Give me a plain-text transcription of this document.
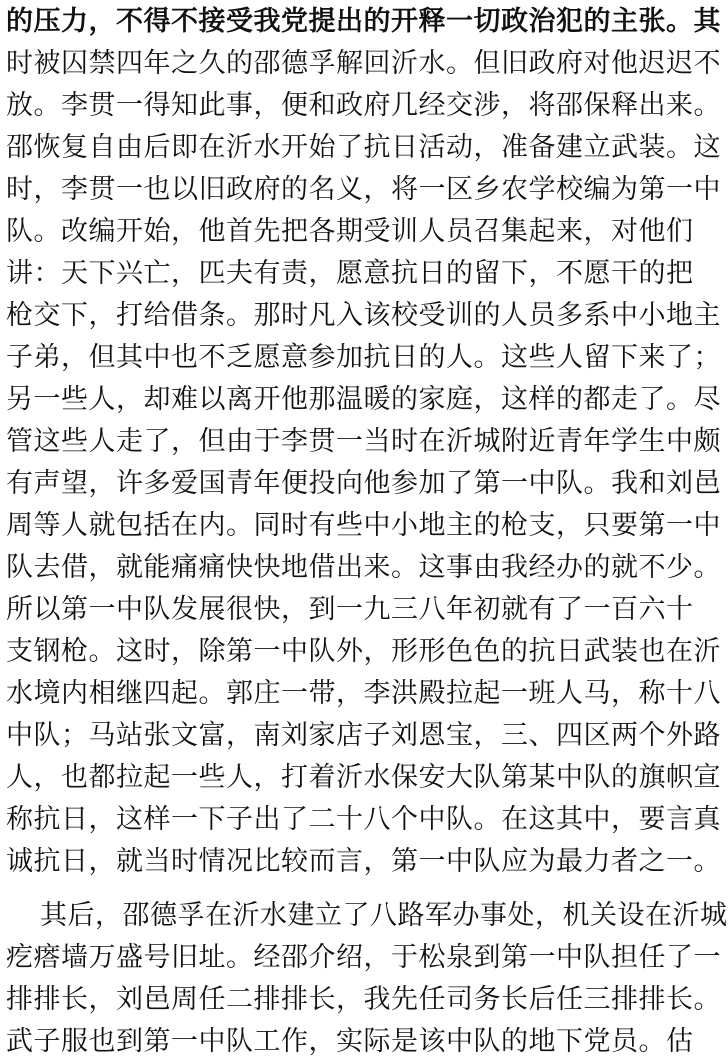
的压力，不得不接受我党提出的开释一切政治犯的主张。其
时被囚禁四年之久的邵德孚解回沂水。但旧政府对他迟迟不
放。李贯一得知此事，便和政府几经交涉，将邵保释出来。
邵恢复自由后即在沂水开始了抗日活动，准备建立武装。这
时，李贯一也以旧政府的名义，将一区乡农学校编为第一中
队。改编开始，他首先把各期受训人员召集起来，对他们
讲：天下兴亡，匹夫有责，愿意抗日的留下，不愿干的把
枪交下，打给借条。那时凡入该校受训的人员多系中小地主
子弟，但其中也不乏愿意参加抗日的人。这些人留下来了；
另一些人，却难以离开他那温暖的家庭，这样的都走了。尽
管这些人走了，但由于李贯一当时在沂城附近青年学生中颇
有声望，许多爱国青年便投向他参加了第一中队。我和刘邑
周等人就包括在内。同时有些中小地主的枪支，只要第一中
队去借，就能痛痛快快地借出来。这事由我经办的就不少。
所以第一中队发展很快，到一九三八年初就有了一百六十
支钢枪。这时，除第一中队外，形形色色的抗日武装也在沂
水境内相继四起。郭庄一带，李洪殿拉起一班人马，称十八
中队；马站张文富，南刘家店子刘恩宝，三、四区两个外路
人，也都拉起一些人，打着沂水保安大队第某中队的旗帜宣
称抗日，这样一下子出了二十八个中队。在这其中，要言真
诚抗日，就当时情况比较而言，第一中队应为最力者之一。
其后，邵德孚在沂水建立了八路军办事处，机关设在沂城
疙瘩墙万盛号旧址。经邵介绍，于松泉到第一中队担任了一
排排长，刘邑周任二排排长，我先任司务长后任三排排长。
武子服也到第一中队工作，实际是该中队的地下党员。估
